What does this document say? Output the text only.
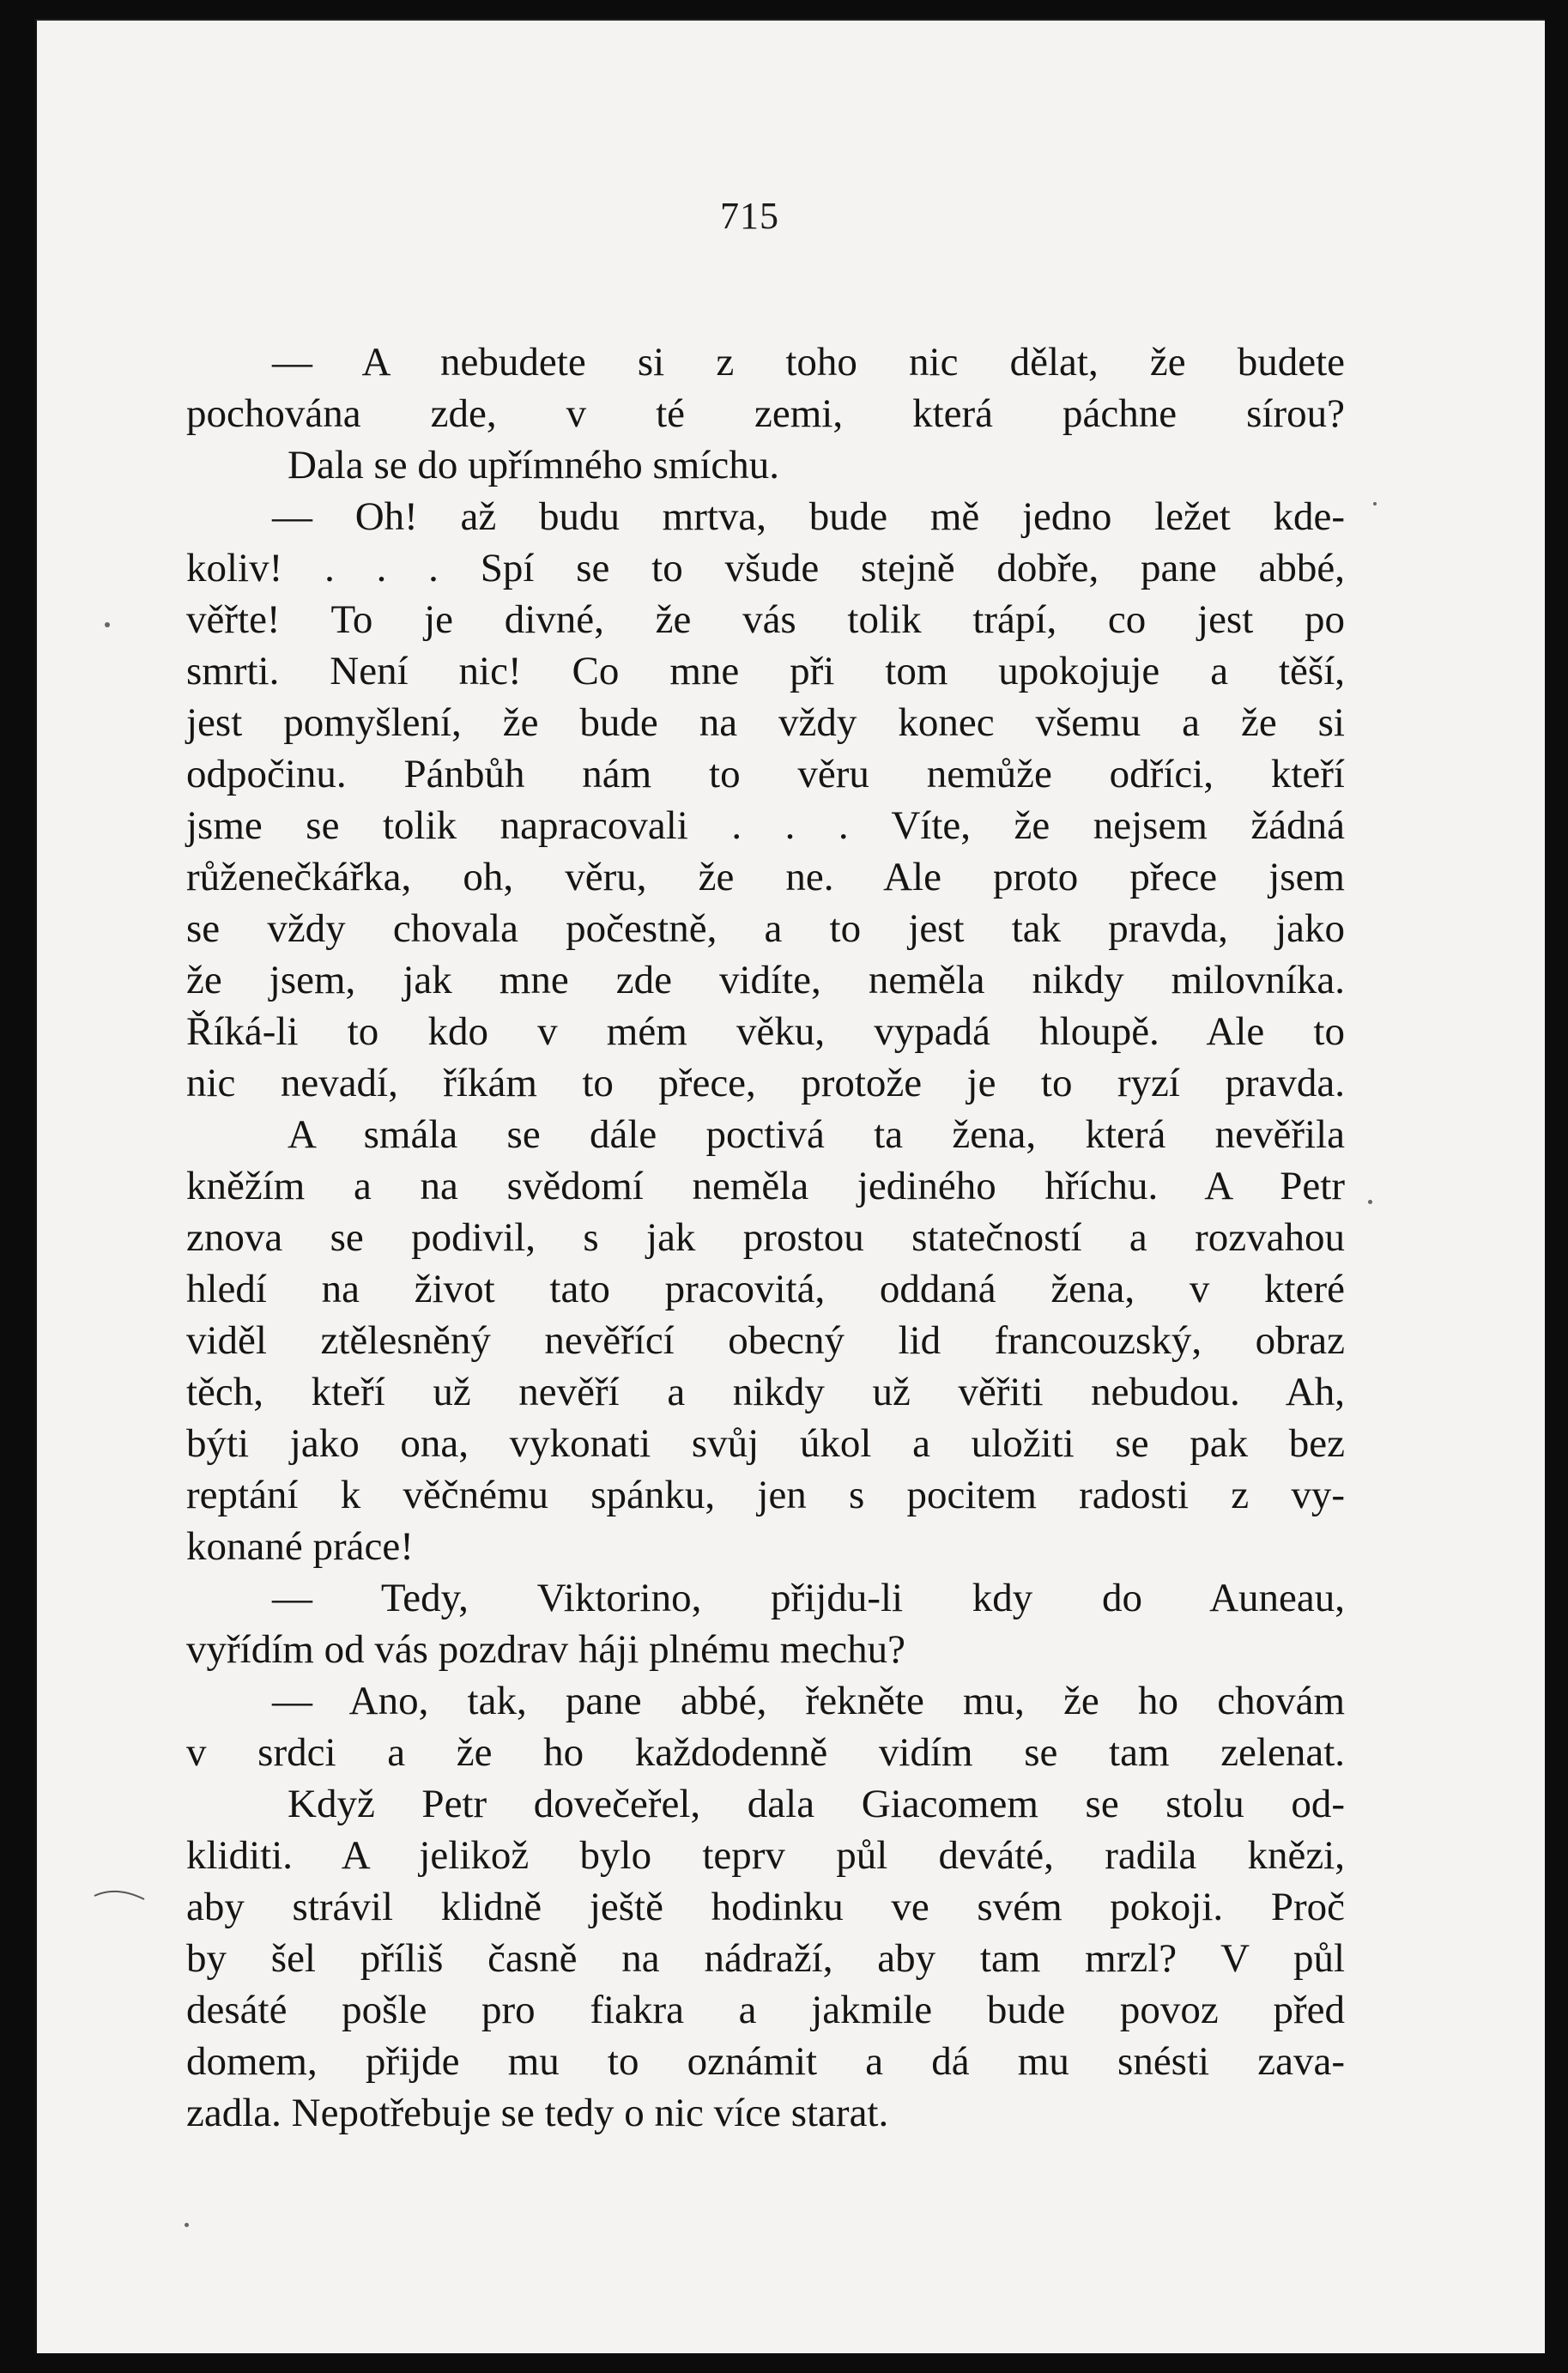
715
— A nebudete si z toho nic dělat, že budete
pochována zde, v té zemi, která páchne sírou?
Dala se do upřímného smíchu.
— Oh! až budu mrtva, bude mě jedno ležet kde-
koliv! . . . Spí se to všude stejně dobře, pane abbé,
věřte! To je divné, že vás tolik trápí, co jest po
smrti. Není nic! Co mne při tom upokojuje a těší,
jest pomyšlení, že bude na vždy konec všemu a že si
odpočinu. Pánbůh nám to věru nemůže odříci, kteří
jsme se tolik napracovali . . . Víte, že nejsem žádná
růženečkářka, oh, věru, že ne. Ale proto přece jsem
se vždy chovala počestně, a to jest tak pravda, jako
že jsem, jak mne zde vidíte, neměla nikdy milovníka.
Říká-li to kdo v mém věku, vypadá hloupě. Ale to
nic nevadí, říkám to přece, protože je to ryzí pravda.
A smála se dále poctivá ta žena, která nevěřila
kněžím a na svědomí neměla jediného hříchu. A Petr
znova se podivil, s jak prostou statečností a rozvahou
hledí na život tato pracovitá, oddaná žena, v které
viděl ztělesněný nevěřící obecný lid francouzský, obraz
těch, kteří už nevěří a nikdy už věřiti nebudou. Ah,
býti jako ona, vykonati svůj úkol a uložiti se pak bez
reptání k věčnému spánku, jen s pocitem radosti z vy-
konané práce!
— Tedy, Viktorino, přijdu-li kdy do Auneau,
vyřídím od vás pozdrav háji plnému mechu?
— Ano, tak, pane abbé, řekněte mu, že ho chovám
v srdci a že ho každodenně vidím se tam zelenat.
Když Petr dovečeřel, dala Giacomem se stolu od-
kliditi. A jelikož bylo teprv půl deváté, radila knězi,
aby strávil klidně ještě hodinku ve svém pokoji. Proč
by šel příliš časně na nádraží, aby tam mrzl? V půl
desáté pošle pro fiakra a jakmile bude povoz před
domem, přijde mu to oznámit a dá mu snésti zava-
zadla. Nepotřebuje se tedy o nic více starat.
